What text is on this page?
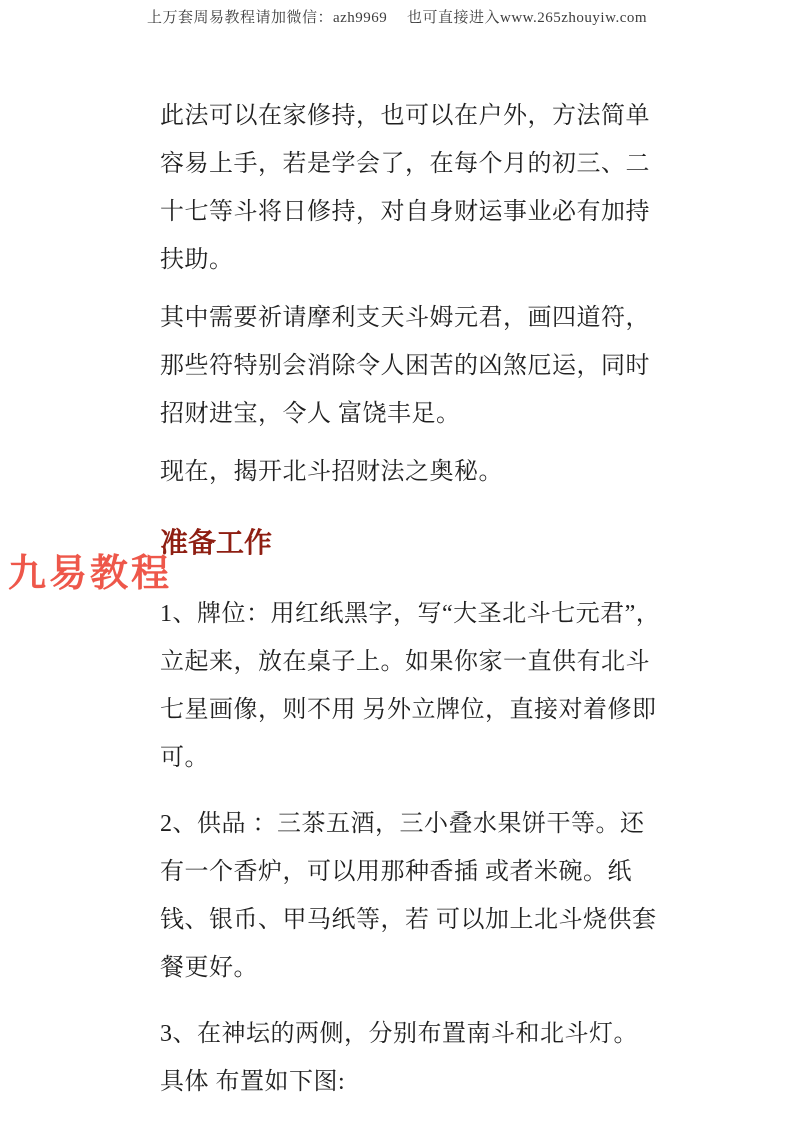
上万套周易教程请加微信：azh9969　 也可直接进入www.265zhouyiw.com
九易教程

此法可以在家修持，也可以在户外，方法简单容易上手，若是学会了，在每个月的初三、二十七等斗将日修持，对自身财运事业必有加持 扶助。

其中需要祈请摩利支天斗姆元君，画四道符，那些符特别会消除令人困苦的凶煞厄运，同时招财进宝，令人 富饶丰足。

现在，揭开北斗招财法之奥秘。

准备工作

1、牌位：用红纸黑字，写“大圣北斗七元君”，立起来，放在桌子上。如果你家一直供有北斗七星画像，则不用 另外立牌位，直接对着修即可。

2、供品 ：三茶五酒，三小叠水果饼干等。还有一个香炉，可以用那种香插 或者米碗。纸钱、银币、甲马纸等，若 可以加上北斗烧供套餐更好。

3、在神坛的两侧，分别布置南斗和北斗灯。　 具体 布置如下图:
